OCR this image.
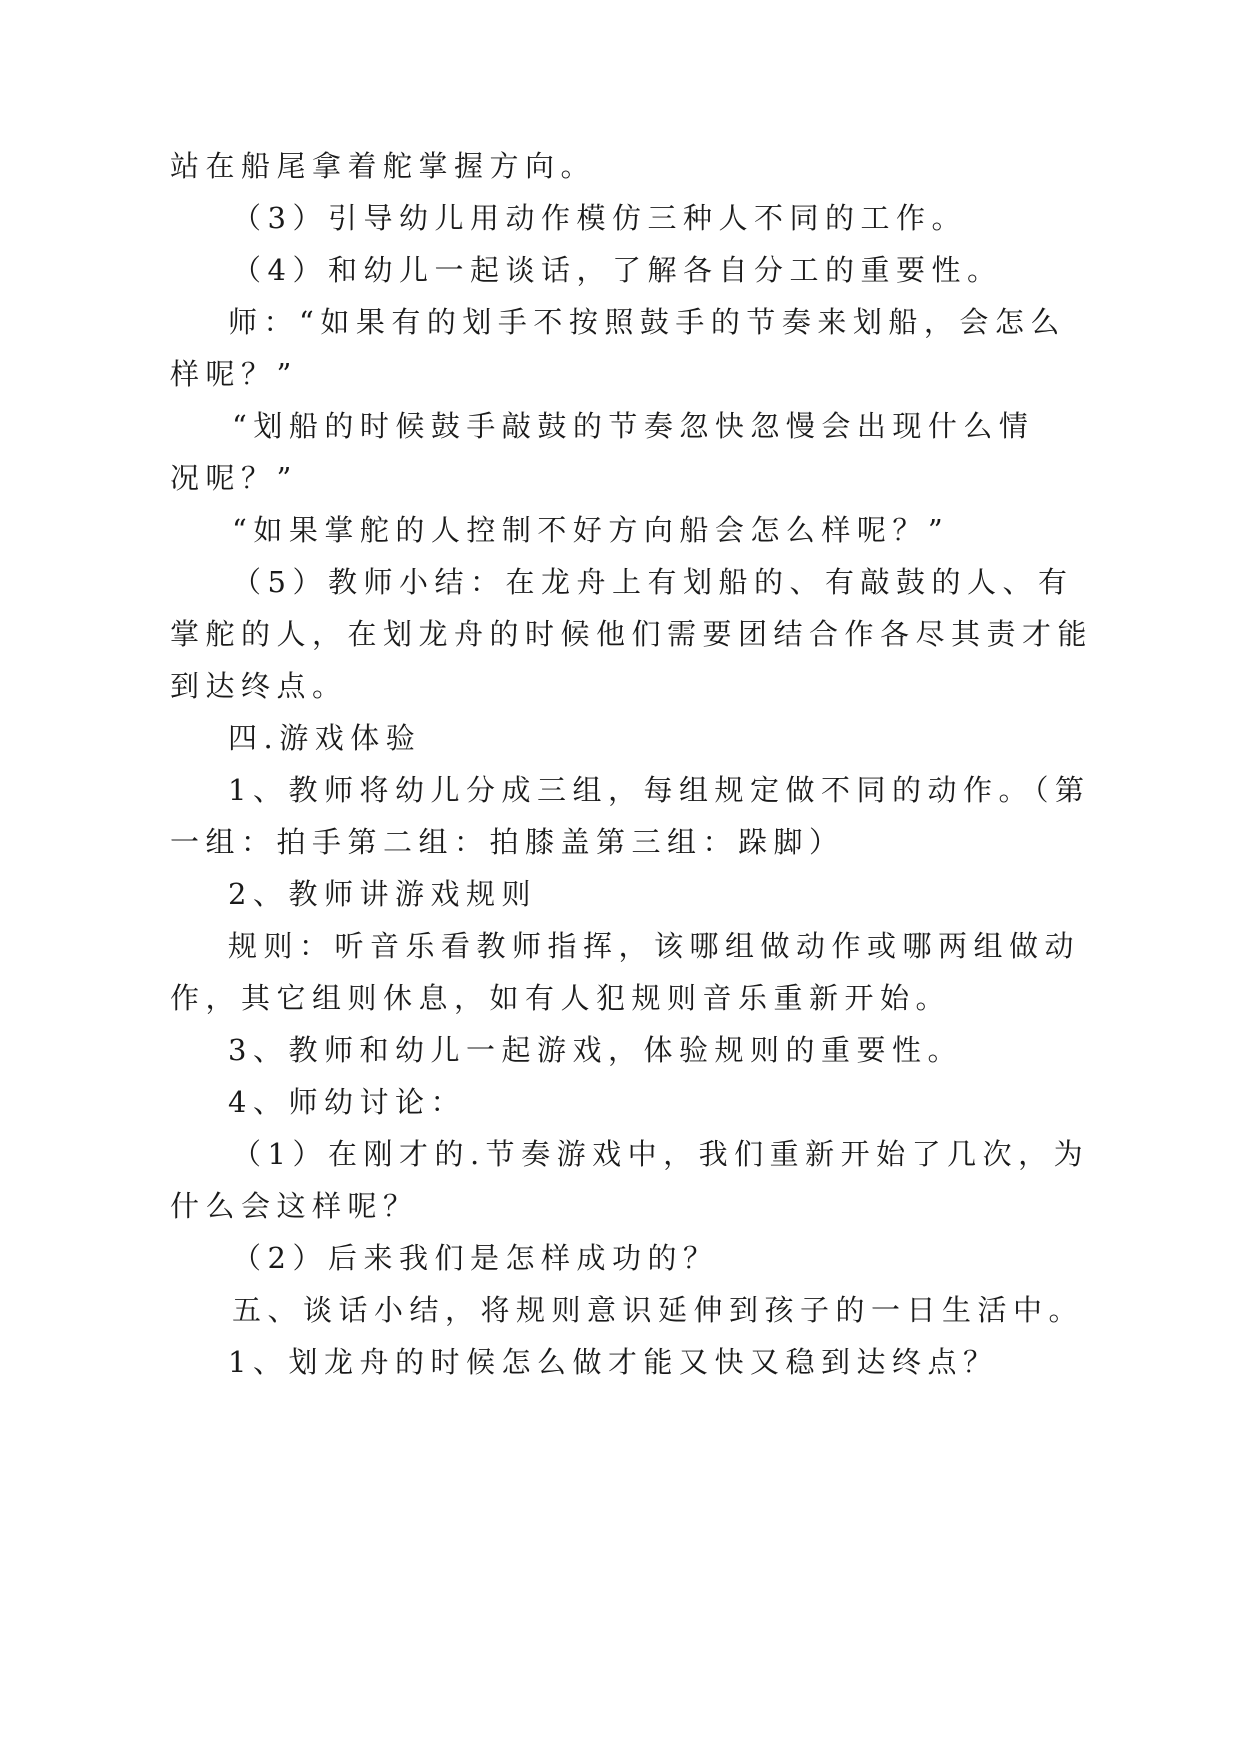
站在船尾拿着舵掌握方向。
（3）引导幼儿用动作模仿三种人不同的工作。
（4）和幼儿一起谈话，了解各自分工的重要性。
师：“如果有的划手不按照鼓手的节奏来划船，会怎么
样呢？”
“划船的时候鼓手敲鼓的节奏忽快忽慢会出现什么情
况呢？”
“如果掌舵的人控制不好方向船会怎么样呢？”
（5）教师小结：在龙舟上有划船的、有敲鼓的人、有
掌舵的人，在划龙舟的时候他们需要团结合作各尽其责才能
到达终点。
四.游戏体验
1、教师将幼儿分成三组，每组规定做不同的动作。（第
一组：拍手第二组：拍膝盖第三组：跺脚）
2、教师讲游戏规则
规则：听音乐看教师指挥，该哪组做动作或哪两组做动
作，其它组则休息，如有人犯规则音乐重新开始。
3、教师和幼儿一起游戏，体验规则的重要性。
4、师幼讨论：
（1）在刚才的.节奏游戏中，我们重新开始了几次，为
什么会这样呢？
（2）后来我们是怎样成功的？
五、谈话小结，将规则意识延伸到孩子的一日生活中。
1、划龙舟的时候怎么做才能又快又稳到达终点？
